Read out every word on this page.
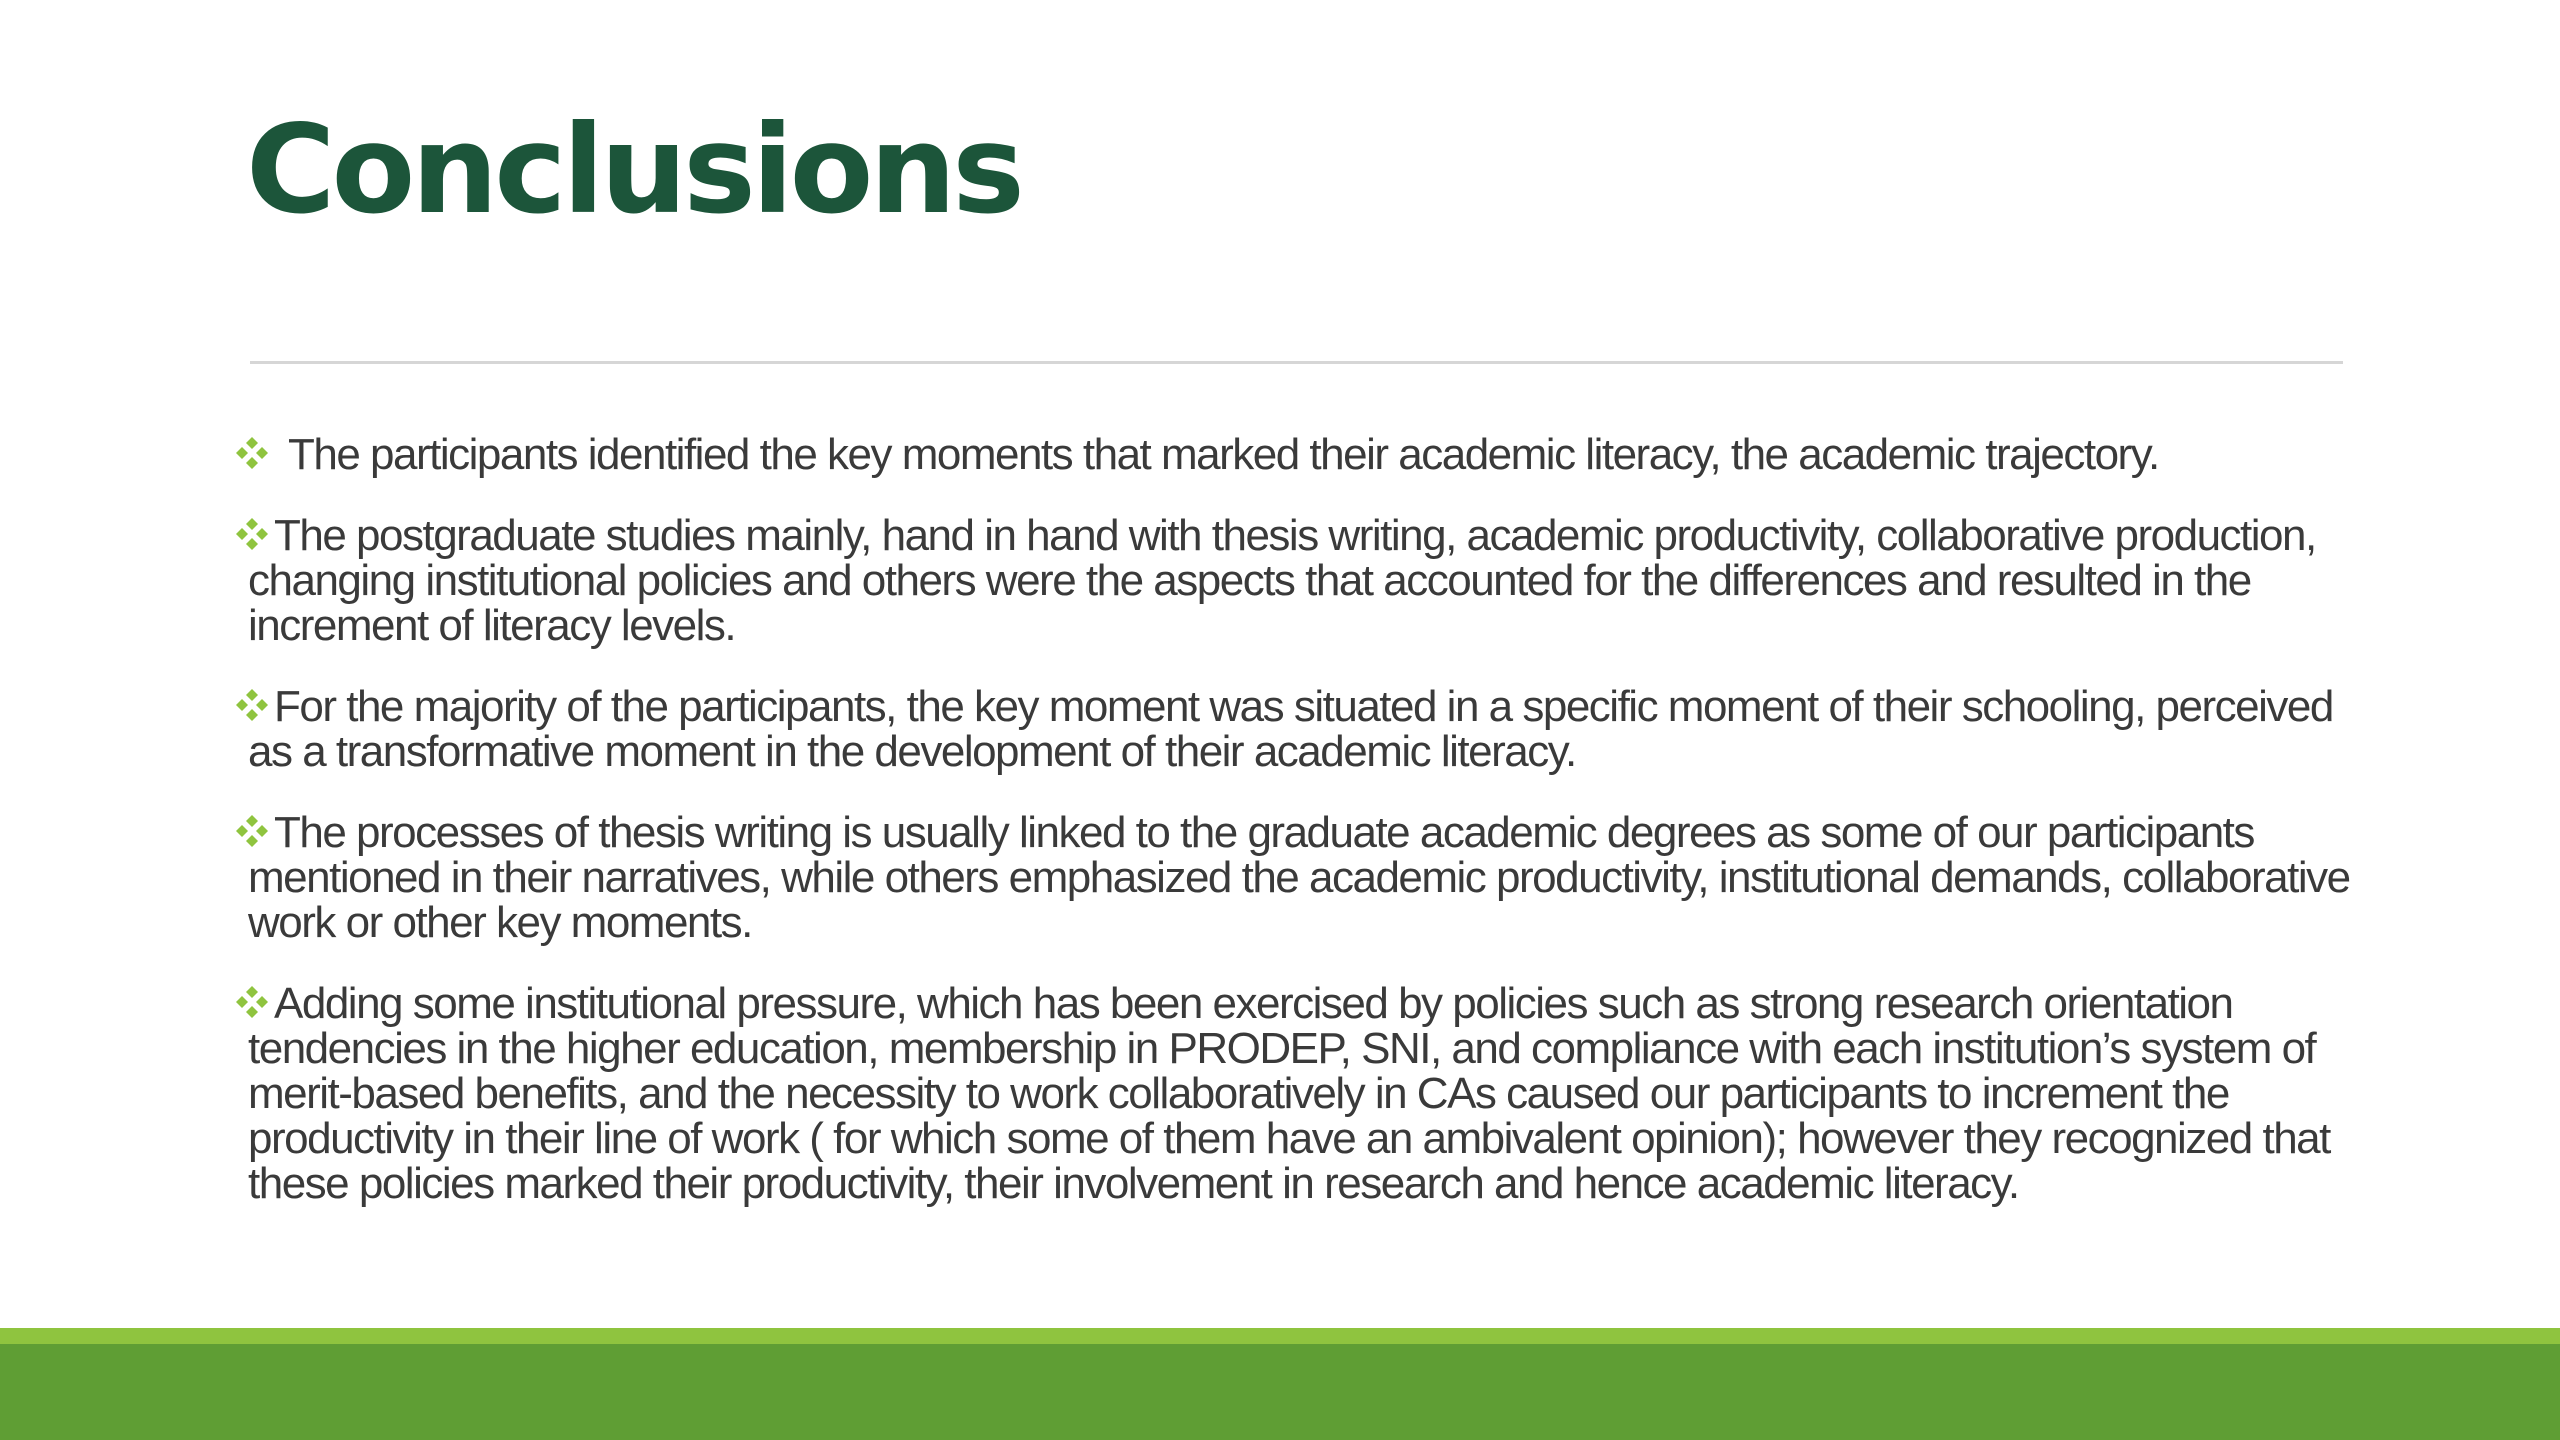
Conclusions
The participants identified the key moments that marked their academic literacy, the academic trajectory.
The postgraduate studies mainly, hand in hand with thesis writing, academic productivity, collaborative production, changing institutional policies and others were the aspects that accounted for the differences and resulted in the increment of literacy levels.
For the majority of the participants, the key moment was situated in a specific moment of their schooling, perceived as a transformative moment in the development of their academic literacy.
The processes of thesis writing is usually linked to the graduate academic degrees as some of our participants mentioned in their narratives, while others emphasized the academic productivity, institutional demands, collaborative work or other key moments.
Adding some institutional pressure, which has been exercised by policies such as strong research orientation tendencies in the higher education, membership in PRODEP, SNI, and compliance with each institution’s system of merit-based benefits, and the necessity to work collaboratively in CAs caused our participants to increment the productivity in their line of work ( for which some of them have an ambivalent opinion); however they recognized that these policies marked their productivity, their involvement in research and hence academic literacy.
